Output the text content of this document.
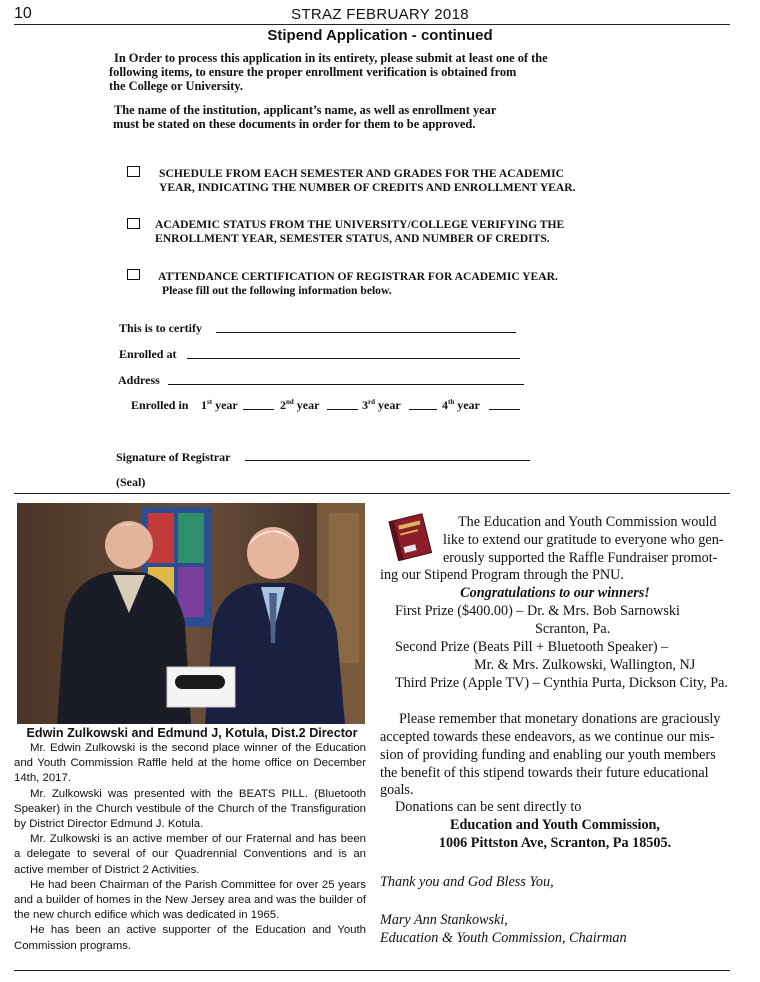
10	STRAZ FEBRUARY 2018
Stipend Application - continued
In Order to process this application in its entirety, please submit at least one of the
following items, to ensure the proper enrollment verification is obtained from
the College or University.
The name of the institution, applicant’s name, as well as enrollment year
must be stated on these documents in order for them to be approved.
SCHEDULE FROM EACH SEMESTER AND GRADES FOR THE ACADEMIC
YEAR, INDICATING THE NUMBER OF CREDITS AND ENROLLMENT YEAR.
ACADEMIC STATUS FROM THE UNIVERSITY/COLLEGE VERIFYING THE
ENROLLMENT YEAR, SEMESTER STATUS, AND NUMBER OF CREDITS.
ATTENDANCE CERTIFICATION OF REGISTRAR FOR ACADEMIC YEAR.
Please fill out the following information below.
This is to certify
Enrolled at
Address
Enrolled in 1st year	2nd year	3rd year	4th year
Signature of Registrar
(Seal)
Edwin Zulkowski and Edmund J, Kotula, Dist.2 Director

Mr. Edwin Zulkowski is the second place winner of the Education and Youth Commission Raffle held at the home office on December 14th, 2017.

Mr. Zulkowski was presented with the BEATS PILL. (Bluetooth Speaker) in the Church vestibule of the Church of the Transfiguration by District Director Edmund J. Kotula.

Mr. Zulkowski is an active member of our Fraternal and has been a delegate to several of our Quadrennial Conventions and is an active member of District 2 Activities.

He had been Chairman of the Parish Committee for over 25 years and a builder of homes in the New Jersey area and was the builder of the new church edifice which was dedicated in 1965.

He has been an active supporter of the Education and Youth Commission programs.

The Education and Youth Commission would
like to extend our gratitude to everyone who gen-
erously supported the Raffle Fundraiser promot-
ing our Stipend Program through the PNU.
Congratulations to our winners!
First Prize ($400.00) – Dr. & Mrs. Bob Sarnowski
Scranton, Pa.
Second Prize (Beats Pill + Bluetooth Speaker) –
Mr. & Mrs. Zulkowski, Wallington, NJ
Third Prize (Apple TV) – Cynthia Purta, Dickson City, Pa.
Please remember that monetary donations are graciously
accepted towards these endeavors, as we continue our mis-
sion of providing funding and enabling our youth members
the benefit of this stipend towards their future educational
goals.
Donations can be sent directly to
Education and Youth Commission,
1006 Pittston Ave, Scranton, Pa 18505.
Thank you and God Bless You,
Mary Ann Stankowski,
Education & Youth Commission, Chairman
